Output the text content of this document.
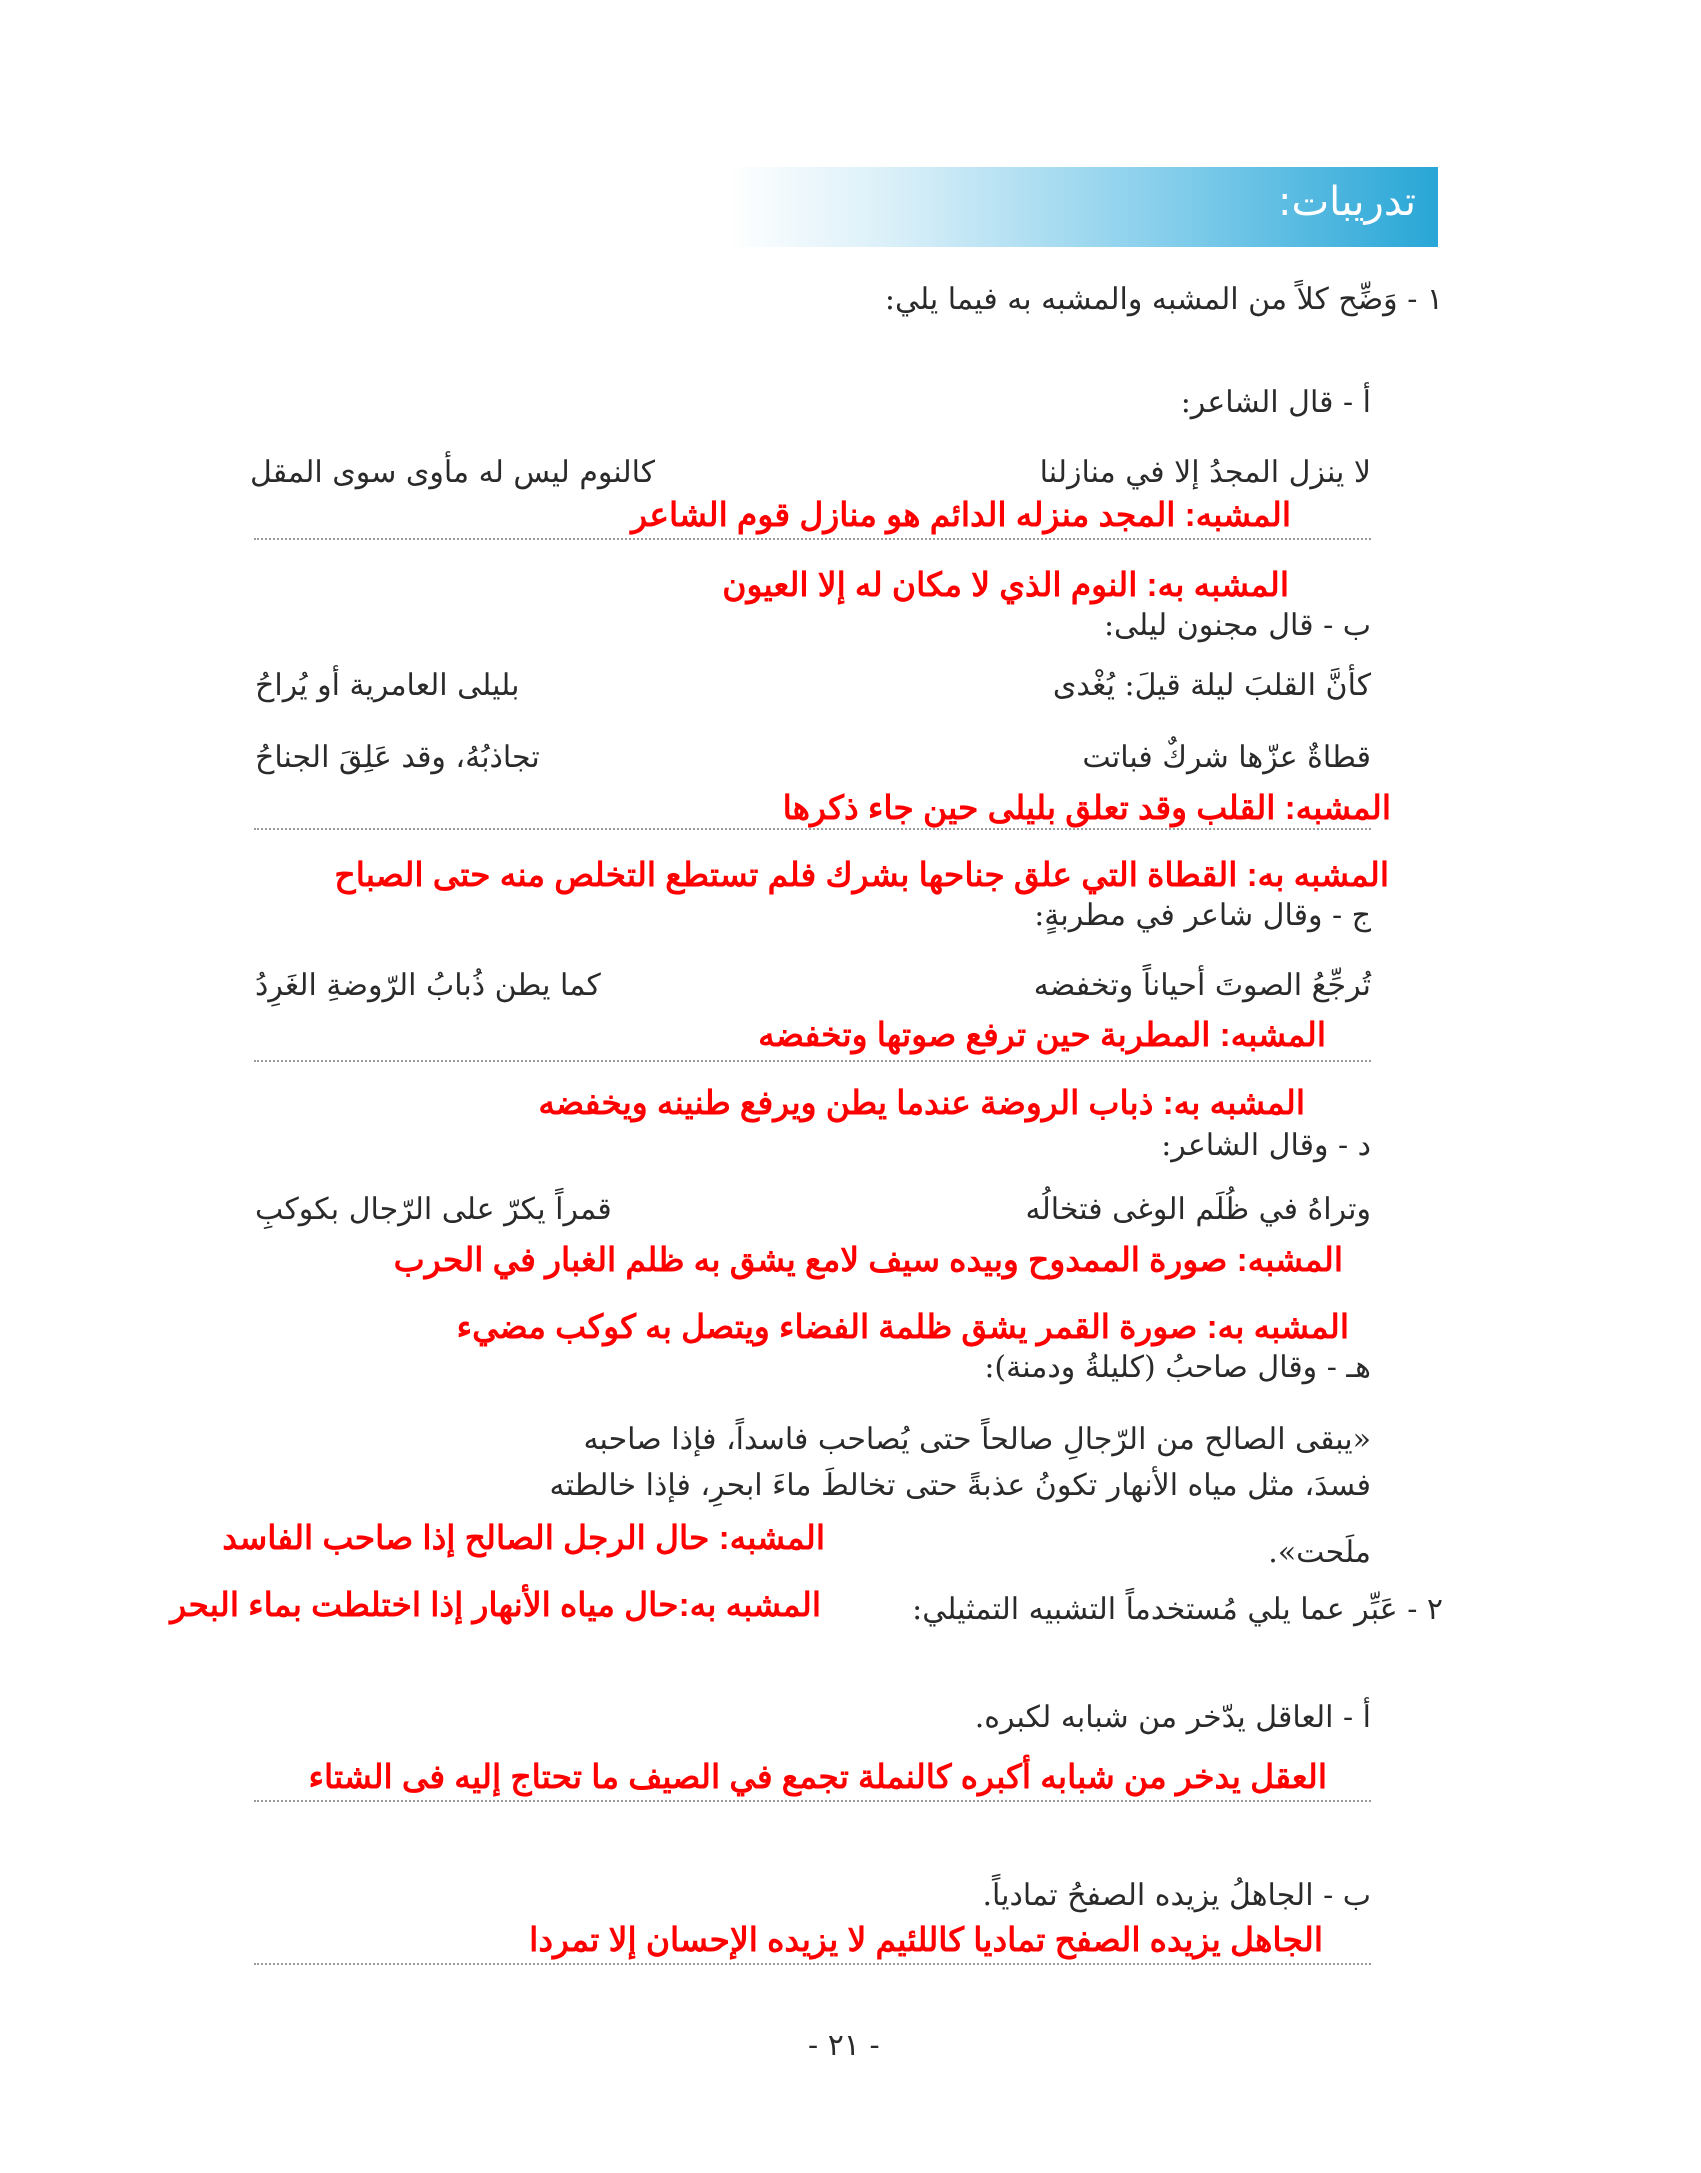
تدريبات:
١ - وَضِّح كلاً من المشبه والمشبه به فيما يلي:
أ - قال الشاعر:
لا ينزل المجدُ إلا في منازلنا
كالنوم ليس له مأوى سوى المقل
المشبه: المجد منزله الدائم هو منازل قوم الشاعر
المشبه به: النوم الذي لا مكان له إلا العيون
ب - قال مجنون ليلى:
كأنَّ القلبَ ليلة قيلَ: يُغْدى
بليلى العامرية أو يُراحُ
قطاةٌ عزّها شركٌ فباتت
تجاذبُهُ، وقد عَلِقَ الجناحُ
المشبه: القلب وقد تعلق بليلى حين جاء ذكرها
المشبه به: القطاة التي علق جناحها بشرك فلم تستطع التخلص منه حتى الصباح
ج - وقال شاعر في مطربةٍ:
تُرجِّعُ الصوتَ أحياناً وتخفضه
كما يطن ذُبابُ الرّوضةِ الغَرِدُ
المشبه: المطربة حين ترفع صوتها وتخفضه
المشبه به: ذباب الروضة عندما يطن ويرفع طنينه ويخفضه
د - وقال الشاعر:
وتراهُ في ظُلَم الوغى فتخالُه
قمراً يكرّ على الرّجال بكوكبِ
المشبه: صورة الممدوح وبيده سيف لامع يشق به ظلم الغبار في الحرب
المشبه به: صورة القمر يشق ظلمة الفضاء ويتصل به كوكب مضيء
هـ - وقال صاحبُ (كليلةُ ودمنة):
«يبقى الصالح من الرّجالِ صالحاً حتى يُصاحب فاسداً، فإذا صاحبه
فسدَ، مثل مياه الأنهار تكونُ عذبةً حتى تخالطَ ماءَ ابحرِ، فإذا خالطته
المشبه: حال الرجل الصالح إذا صاحب الفاسد	ملَحت».
المشبه به:حال مياه الأنهار إذا اختلطت بماء البحر	٢ - عَبِّر عما يلي مُستخدماً التشبيه التمثيلي:
أ - العاقل يدّخر من شبابه لكبره.
العقل يدخر من شبابه أكبره كالنملة تجمع في الصيف ما تحتاج إليه فى الشتاء
ب - الجاهلُ يزيده الصفحُ تمادياً.
الجاهل يزيده الصفح تماديا كاللئيم لا يزيده الإحسان إلا تمردا
- ٢١ -
